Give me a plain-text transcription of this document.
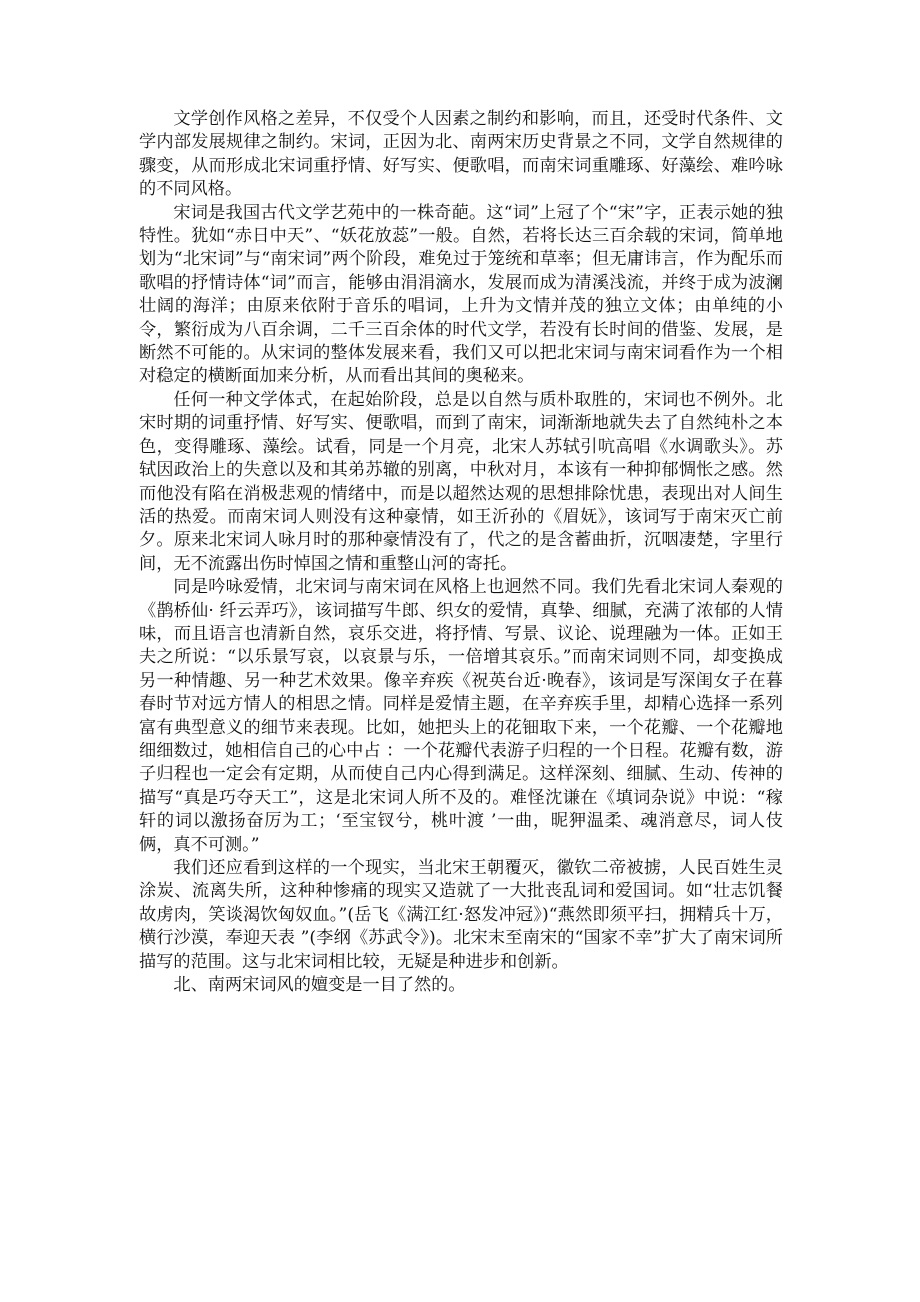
文学创作风格之差异，不仅受个人因素之制约和影响，而且，还受时代条件、文学内部发展规律之制约。宋词，正因为北、南两宋历史背景之不同，文学自然规律的骤变，从而形成北宋词重抒情、好写实、便歌唱，而南宋词重雕琢、好藻绘、难吟咏的不同风格。

宋词是我国古代文学艺苑中的一株奇葩。这“词”上冠了个“宋”字，正表示她的独特性。犹如“赤日中天”、“妖花放蕊”一般。自然，若将长达三百余载的宋词，简单地划为“北宋词”与“南宋词”两个阶段，难免过于笼统和草率；但无庸讳言，作为配乐而歌唱的抒情诗体“词”而言，能够由涓涓滴水，发展而成为清溪浅流，并终于成为波澜壮阔的海洋；由原来依附于音乐的唱词，上升为文情并茂的独立文体；由单纯的小令，繁衍成为八百余调，二千三百余体的时代文学，若没有长时间的借鉴、发展，是断然不可能的。从宋词的整体发展来看，我们又可以把北宋词与南宋词看作为一个相对稳定的横断面加来分析，从而看出其间的奥秘来。

任何一种文学体式，在起始阶段，总是以自然与质朴取胜的，宋词也不例外。北宋时期的词重抒情、好写实、便歌唱，而到了南宋，词渐渐地就失去了自然纯朴之本色，变得雕琢、藻绘。试看，同是一个月亮，北宋人苏轼引吭高唱《水调歌头》。苏轼因政治上的失意以及和其弟苏辙的别离，中秋对月，本该有一种抑郁惆怅之感。然而他没有陷在消极悲观的情绪中，而是以超然达观的思想排除忧患，表现出对人间生活的热爱。而南宋词人则没有这种豪情，如王沂孙的《眉妩》，该词写于南宋灭亡前夕。原来北宋词人咏月时的那种豪情没有了，代之的是含蓄曲折，沉咽凄楚，字里行间，无不流露出伤时悼国之情和重整山河的寄托。

同是吟咏爱情，北宋词与南宋词在风格上也迥然不同。我们先看北宋词人秦观的《鹊桥仙· 纤云弄巧》，该词描写牛郎、织女的爱情，真挚、细腻，充满了浓郁的人情味，而且语言也清新自然，哀乐交进，将抒情、写景、议论、说理融为一体。正如王夫之所说：“以乐景写哀，以哀景与乐，一倍增其哀乐。”而南宋词则不同，却变换成另一种情趣、另一种艺术效果。像辛弃疾《祝英台近·晚春》，该词是写深闺女子在暮春时节对远方情人的相思之情。同样是爱情主题，在辛弃疾手里，却精心选择一系列富有典型意义的细节来表现。比如，她把头上的花钿取下来，一个花瓣、一个花瓣地细细数过，她相信自己的心中占 ：一个花瓣代表游子归程的一个日程。花瓣有数，游子归程也一定会有定期，从而使自己内心得到满足。这样深刻、细腻、生动、传神的描写“真是巧夺天工”，这是北宋词人所不及的。难怪沈谦在《填词杂说》中说：“稼轩的词以激扬奋厉为工；‘至宝钗兮，桃叶渡 ’一曲，昵狎温柔、魂消意尽，词人伎俩，真不可测。”

我们还应看到这样的一个现实，当北宋王朝覆灭，徽钦二帝被掳，人民百姓生灵涂炭、流离失所，这种种惨痛的现实又造就了一大批丧乱词和爱国词。如“壮志饥餐故虏肉，笑谈渴饮匈奴血。”(岳飞《满江红·怒发冲冠》)“燕然即须平扫，拥精兵十万，横行沙漠，奉迎天表 ”(李纲《苏武令》)。北宋末至南宋的“国家不幸”扩大了南宋词所描写的范围。这与北宋词相比较，无疑是种进步和创新。

北、南两宋词风的嬗变是一目了然的。
